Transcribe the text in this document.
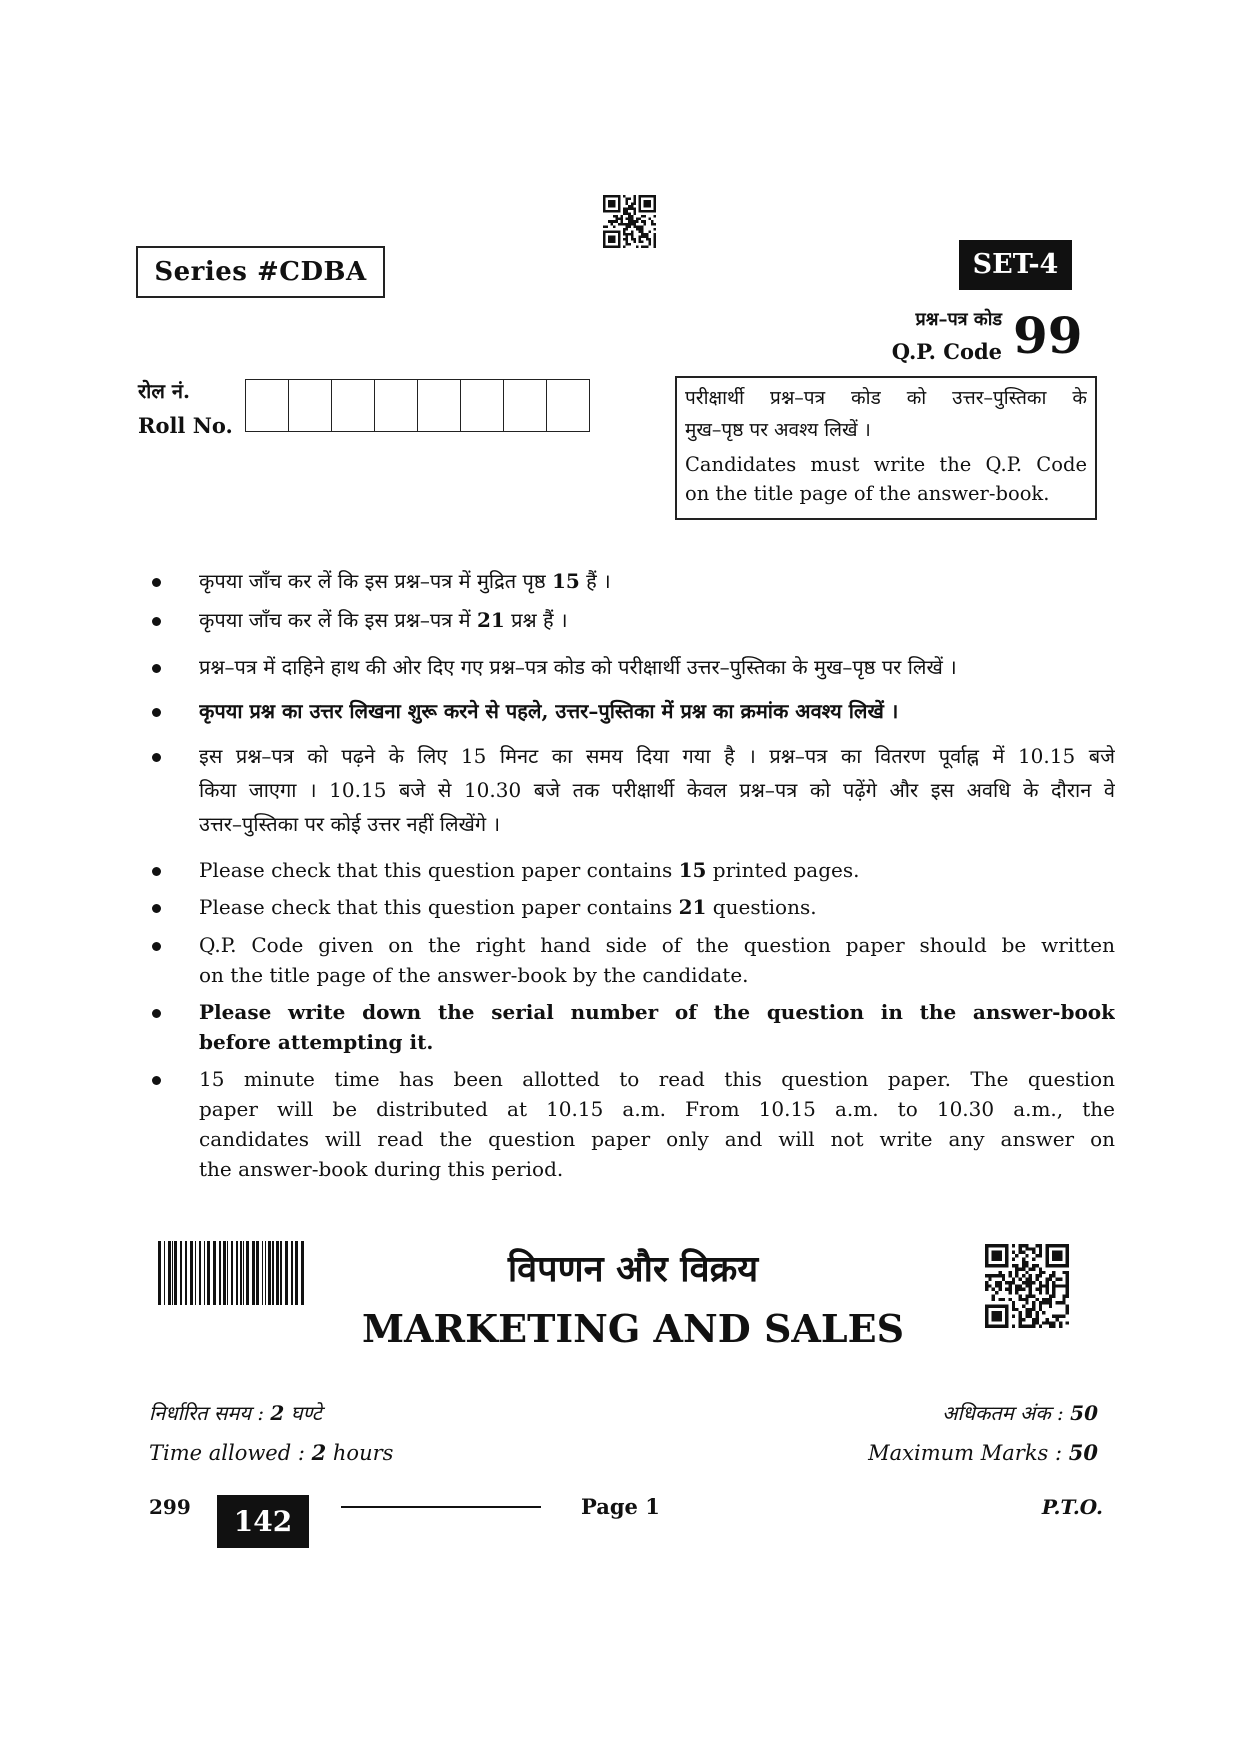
Series #CDBA	SET-4
प्रश्न–पत्र कोड
Q.P. Code 99
रोल नं.
Roll No.
परीक्षार्थी प्रश्न–पत्र कोड को उत्तर–पुस्तिका के
मुख–पृष्ठ पर अवश्य लिखें ।
Candidates must write the Q.P. Code
on the title page of the answer-book.
कृपया जाँच कर लें कि इस प्रश्न–पत्र में मुद्रित पृष्ठ 15 हैं ।
कृपया जाँच कर लें कि इस प्रश्न–पत्र में 21 प्रश्न हैं ।
प्रश्न–पत्र में दाहिने हाथ की ओर दिए गए प्रश्न–पत्र कोड को परीक्षार्थी उत्तर–पुस्तिका के मुख–पृष्ठ पर लिखें ।
कृपया प्रश्न का उत्तर लिखना शुरू करने से पहले, उत्तर–पुस्तिका में प्रश्न का क्रमांक अवश्य लिखें ।
इस प्रश्न–पत्र को पढ़ने के लिए 15 मिनट का समय दिया गया है । प्रश्न–पत्र का वितरण पूर्वाह्न में 10.15 बजे
किया जाएगा । 10.15 बजे से 10.30 बजे तक परीक्षार्थी केवल प्रश्न–पत्र को पढ़ेंगे और इस अवधि के दौरान वे
उत्तर–पुस्तिका पर कोई उत्तर नहीं लिखेंगे ।
Please check that this question paper contains 15 printed pages.
Please check that this question paper contains 21 questions.
Q.P. Code given on the right hand side of the question paper should be written
on the title page of the answer-book by the candidate.
Please write down the serial number of the question in the answer-book
before attempting it.
15 minute time has been allotted to read this question paper. The question
paper will be distributed at 10.15 a.m. From 10.15 a.m. to 10.30 a.m., the
candidates will read the question paper only and will not write any answer on
the answer-book during this period.
विपणन और विक्रय
MARKETING AND SALES
निर्धारित समय : 2 घण्टे
Time allowed : 2 hours
अधिकतम अंक : 50
Maximum Marks : 50
299	142	Page 1	P.T.O.
